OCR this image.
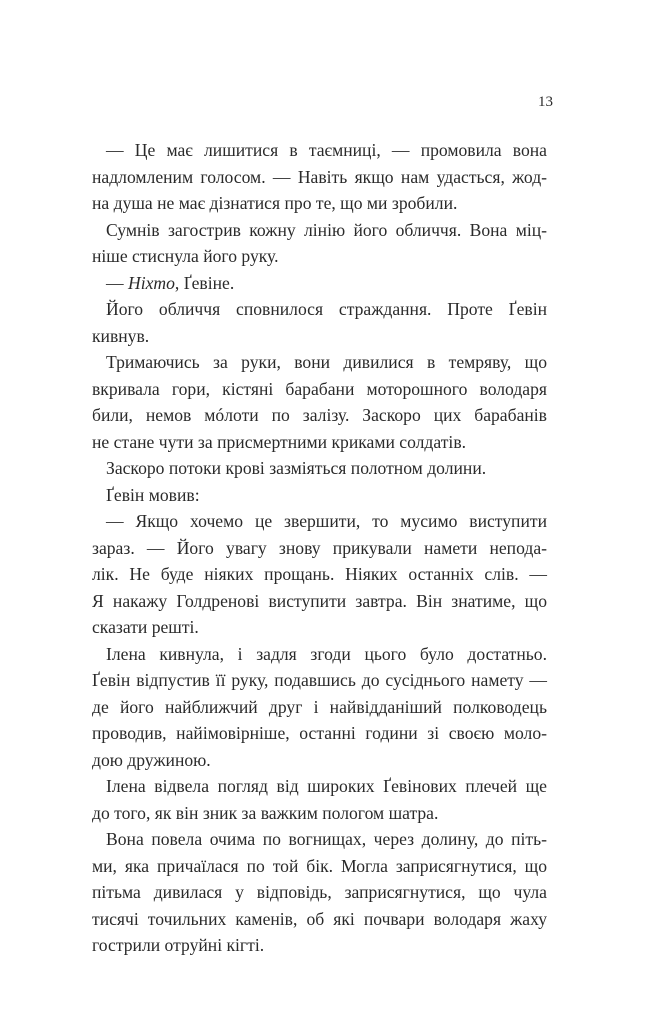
13
— Це має лишитися в таємниці, — промовила вона
надломленим голосом. — Навіть якщо нам удасться, жод-
на душа не має дізнатися про те, що ми зробили.
Сумнів загострив кожну лінію його обличчя. Вона міц-
ніше стиснула його руку.
— Ніхто, Ґевіне.
Його обличчя сповнилося страждання. Проте Ґевін
кивнув.
Тримаючись за руки, вони дивилися в темряву, що
вкривала гори, кістяні барабани моторошного володаря
били, немов мóлоти по залізу. Заскоро цих барабанів
не стане чути за присмертними криками солдатів.
Заскоро потоки крові зазміяться полотном долини.
Ґевін мовив:
— Якщо хочемо це звершити, то мусимо виступити
зараз. — Його увагу знову прикували намети непода-
лік. Не буде ніяких прощань. Ніяких останніх слів. —
Я накажу Голдренові виступити завтра. Він знатиме, що
сказати решті.
Ілена кивнула, і задля згоди цього було достатньо.
Ґевін відпустив її руку, подавшись до сусіднього намету —
де його найближчий друг і найвідданіший полководець
проводив, найімовірніше, останні години зі своєю моло-
дою дружиною.
Ілена відвела погляд від широких Ґевінових плечей ще
до того, як він зник за важким пологом шатра.
Вона повела очима по вогнищах, через долину, до піть-
ми, яка причаїлася по той бік. Могла заприсягнутися, що
пітьма дивилася у відповідь, заприсягнутися, що чула
тисячі точильних каменів, об які почвари володаря жаху
гострили отруйні кігті.
